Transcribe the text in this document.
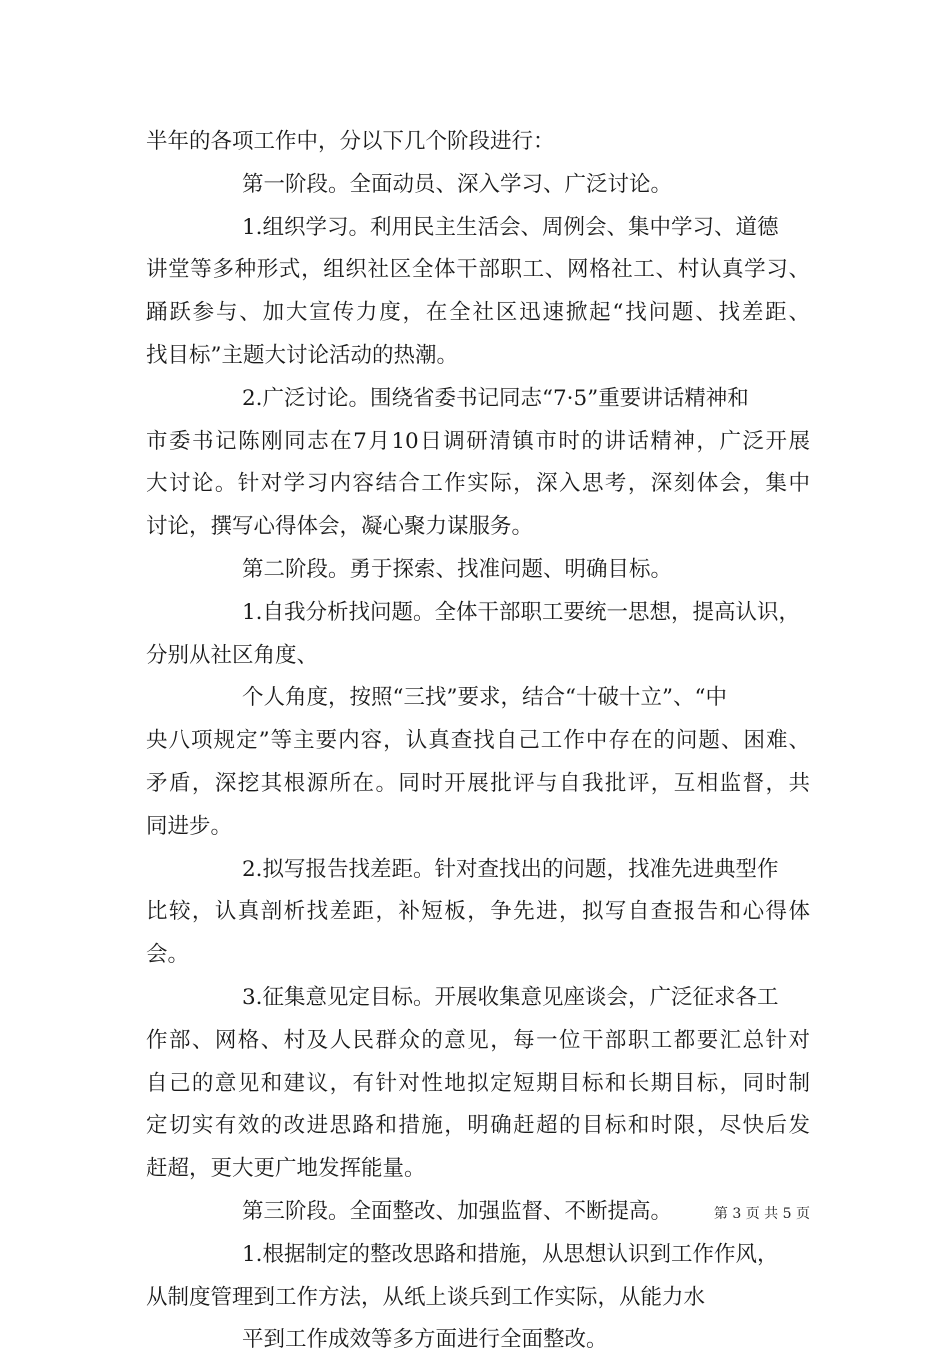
半年的各项工作中，分以下几个阶段进行：
第一阶段。全面动员、深入学习、广泛讨论。
1.组织学习。利用民主生活会、周例会、集中学习、道德
讲堂等多种形式，组织社区全体干部职工、网格社工、村认真学习、
踊跃参与、加大宣传力度，在全社区迅速掀起“找问题、找差距、
找目标”主题大讨论活动的热潮。
2.广泛讨论。围绕省委书记同志“7·5”重要讲话精神和
市委书记陈刚同志在7月10日调研清镇市时的讲话精神，广泛开展
大讨论。针对学习内容结合工作实际，深入思考，深刻体会，集中
讨论，撰写心得体会，凝心聚力谋服务。
第二阶段。勇于探索、找准问题、明确目标。
1.自我分析找问题。全体干部职工要统一思想，提高认识，
分别从社区角度、
个人角度，按照“三找”要求，结合“十破十立”、“中
央八项规定”等主要内容，认真查找自己工作中存在的问题、困难、
矛盾，深挖其根源所在。同时开展批评与自我批评，互相监督，共
同进步。
2.拟写报告找差距。针对查找出的问题，找准先进典型作
比较，认真剖析找差距，补短板，争先进，拟写自查报告和心得体
会。
3.征集意见定目标。开展收集意见座谈会，广泛征求各工
作部、网格、村及人民群众的意见，每一位干部职工都要汇总针对
自己的意见和建议，有针对性地拟定短期目标和长期目标，同时制
定切实有效的改进思路和措施，明确赶超的目标和时限，尽快后发
赶超，更大更广地发挥能量。
第三阶段。全面整改、加强监督、不断提高。
1.根据制定的整改思路和措施，从思想认识到工作作风，
从制度管理到工作方法，从纸上谈兵到工作实际，从能力水
平到工作成效等多方面进行全面整改。
第 3 页 共 5 页
